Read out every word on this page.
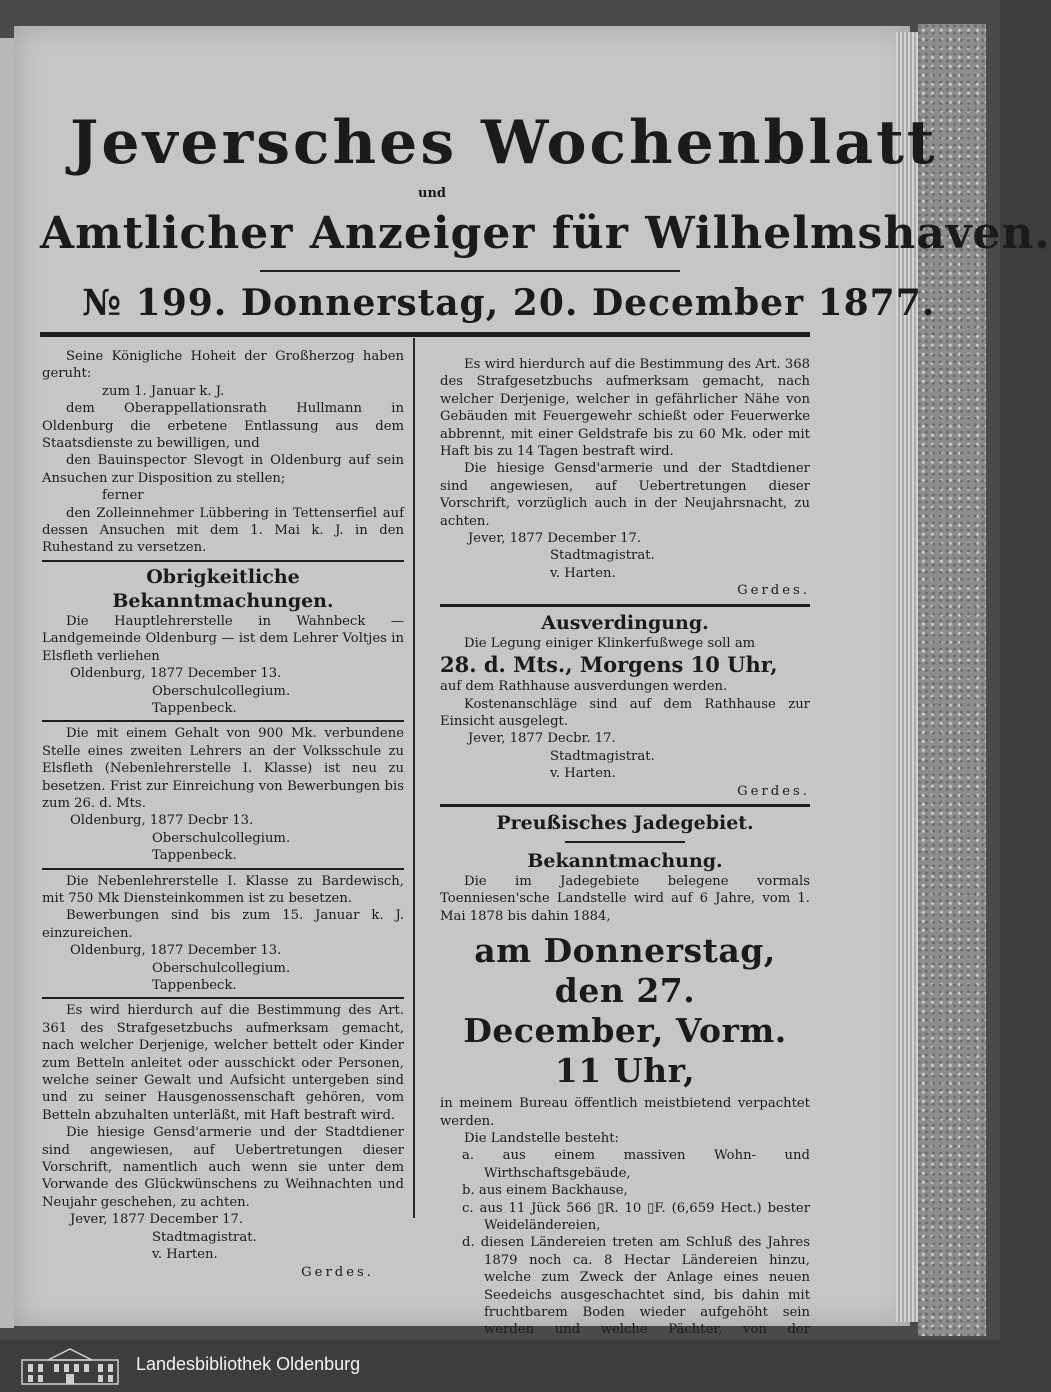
Jeversches Wochenblatt
und
Amtlicher Anzeiger für Wilhelmshaven.
№ 199. Donnerstag, 20. December 1877.

Seine Königliche Hoheit der Großherzog haben geruht:

zum 1. Januar k. J.

dem Oberappellationsrath Hullmann in Oldenburg die erbetene Entlassung aus dem Staatsdienste zu bewilligen, und

den Bauinspector Slevogt in Oldenburg auf sein Ansuchen zur Disposition zu stellen;

ferner

den Zolleinnehmer Lübbering in Tettenserfiel auf dessen Ansuchen mit dem 1. Mai k. J. in den Ruhestand zu versetzen.

Obrigkeitliche Bekanntmachungen.

Die Hauptlehrerstelle in Wahnbeck — Landgemeinde Oldenburg — ist dem Lehrer Voltjes in Elsfleth verliehen

Oldenburg, 1877 December 13.

Oberschulcollegium.

Tappenbeck.

Die mit einem Gehalt von 900 Mk. verbundene Stelle eines zweiten Lehrers an der Volksschule zu Elsfleth (Nebenlehrerstelle I. Klasse) ist neu zu besetzen. Frist zur Einreichung von Bewerbungen bis zum 26. d. Mts.

Oldenburg, 1877 Decbr 13.

Oberschulcollegium.

Tappenbeck.

Die Nebenlehrerstelle I. Klasse zu Bardewisch, mit 750 Mk Diensteinkommen ist zu besetzen.

Bewerbungen sind bis zum 15. Januar k. J. einzureichen.

Oldenburg, 1877 December 13.

Oberschulcollegium.

Tappenbeck.

Es wird hierdurch auf die Bestimmung des Art. 361 des Strafgesetzbuchs aufmerksam gemacht, nach welcher Derjenige, welcher bettelt oder Kinder zum Betteln anleitet oder ausschickt oder Personen, welche seiner Gewalt und Aufsicht untergeben sind und zu seiner Hausgenossenschaft gehören, vom Betteln abzuhalten unterläßt, mit Haft bestraft wird.

Die hiesige Gensd'armerie und der Stadtdiener sind angewiesen, auf Uebertretungen dieser Vorschrift, namentlich auch wenn sie unter dem Vorwande des Glückwünschens zu Weihnachten und Neujahr geschehen, zu achten.

Jever, 1877 December 17.

Stadtmagistrat.

v. Harten.

Gerdes.

Es wird hierdurch auf die Bestimmung des Art. 368 des Strafgesetzbuchs aufmerksam gemacht, nach welcher Derjenige, welcher in gefährlicher Nähe von Gebäuden mit Feuergewehr schießt oder Feuerwerke abbrennt, mit einer Geldstrafe bis zu 60 Mk. oder mit Haft bis zu 14 Tagen bestraft wird.

Die hiesige Gensd'armerie und der Stadtdiener sind angewiesen, auf Uebertretungen dieser Vorschrift, vorzüglich auch in der Neujahrsnacht, zu achten.

Jever, 1877 December 17.

Stadtmagistrat.

v. Harten.

Gerdes.

Ausverdingung.

Die Legung einiger Klinkerfußwege soll am

28. d. Mts., Morgens 10 Uhr,

auf dem Rathhause ausverdungen werden.

Kostenanschläge sind auf dem Rathhause zur Einsicht ausgelegt.

Jever, 1877 Decbr. 17.

Stadtmagistrat.

v. Harten.

Gerdes.

Preußisches Jadegebiet.

Bekanntmachung.

Die im Jadegebiete belegene vormals Toenniesen'sche Landstelle wird auf 6 Jahre, vom 1. Mai 1878 bis dahin 1884,

am Donnerstag, den 27.

December, Vorm. 11 Uhr,

in meinem Bureau öffentlich meistbietend verpachtet werden.

Die Landstelle besteht:

a. aus einem massiven Wohn- und Wirthschaftsgebäude,

b. aus einem Backhause,

c. aus 11 Jück 566 ▯R. 10 ▯F. (6,659 Hect.) bester Weideländereien,

d. diesen Ländereien treten am Schluß des Jahres 1879 noch ca. 8 Hectar Ländereien hinzu, welche zum Zweck der Anlage eines neuen Seedeichs ausgeschachtet sind, bis dahin mit fruchtbarem Boden wieder aufgehöht sein werden und welche Pächter, von der

Landesbibliothek Oldenburg
